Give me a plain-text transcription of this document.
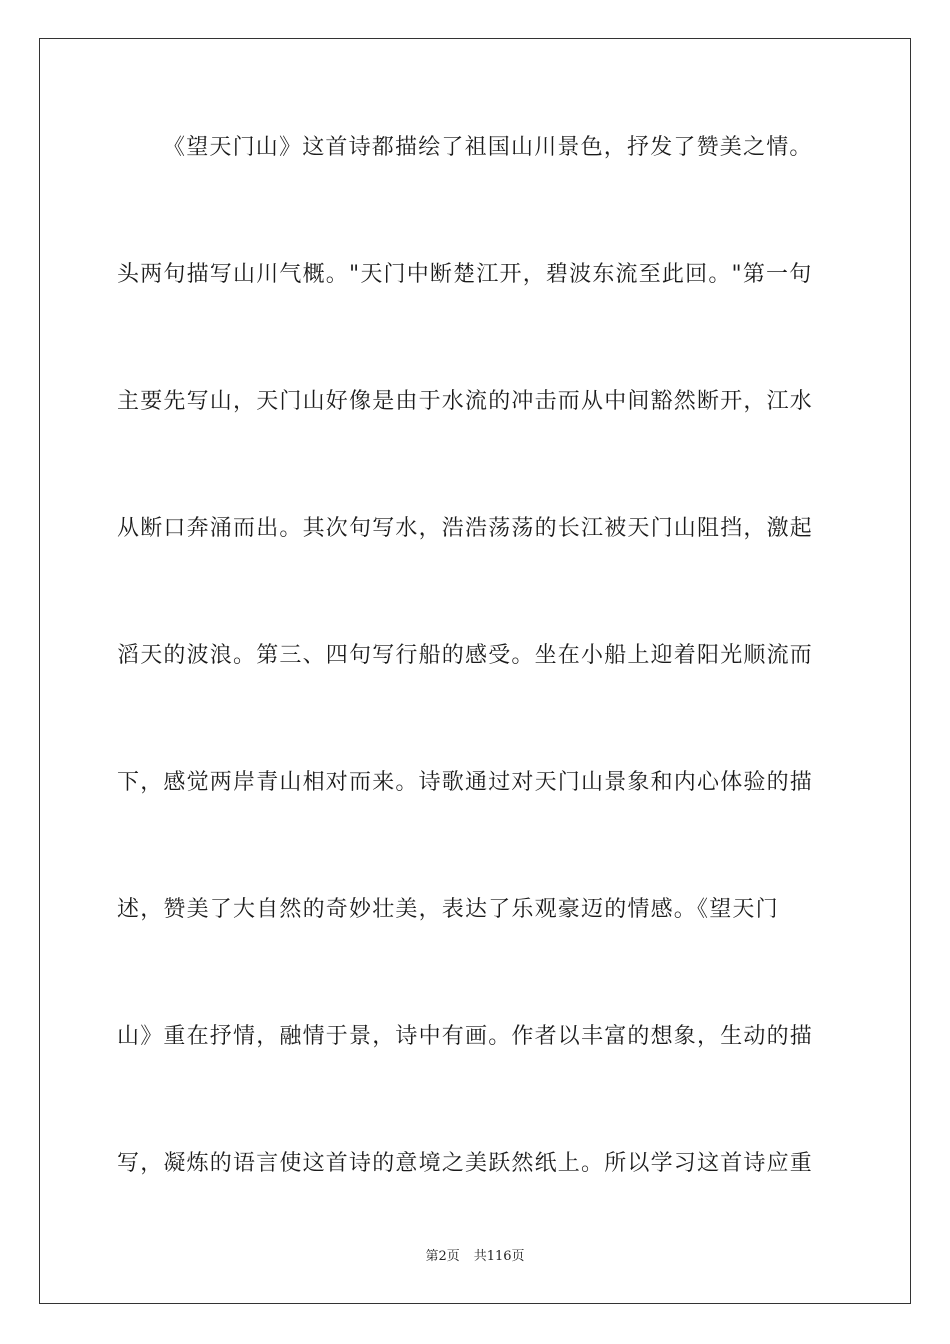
《望天门山》这首诗都描绘了祖国山川景色，抒发了赞美之情。
头两句描写山川气概。"天门中断楚江开，碧波东流至此回。"第一句
主要先写山，天门山好像是由于水流的冲击而从中间豁然断开，江水
从断口奔涌而出。其次句写水，浩浩荡荡的长江被天门山阻挡，激起
滔天的波浪。第三、四句写行船的感受。坐在小船上迎着阳光顺流而
下，感觉两岸青山相对而来。诗歌通过对天门山景象和内心体验的描
述，赞美了大自然的奇妙壮美，表达了乐观豪迈的情感。《望天门
山》重在抒情，融情于景，诗中有画。作者以丰富的想象，生动的描
写，凝炼的语言使这首诗的意境之美跃然纸上。所以学习这首诗应重
第2页 共116页
